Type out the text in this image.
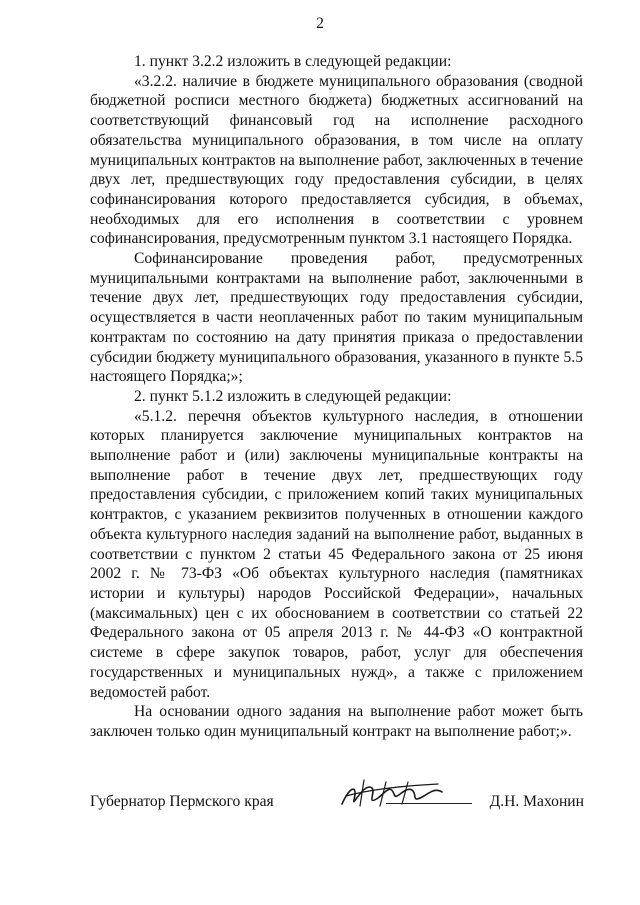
2

1. пункт 3.2.2 изложить в следующей редакции:

«3.2.2. наличие в бюджете муниципального образования (сводной бюджетной росписи местного бюджета) бюджетных ассигнований на соответствующий финансовый год на исполнение расходного обязательства муниципального образования, в том числе на оплату муниципальных контрактов на выполнение работ, заключенных в течение двух лет, предшествующих году предоставления субсидии, в целях софинансирования которого предоставляется субсидия, в объемах, необходимых для его исполнения в соответствии с уровнем софинансирования, предусмотренным пунктом 3.1 настоящего Порядка.

Софинансирование проведения работ, предусмотренных муниципальными контрактами на выполнение работ, заключенными в течение двух лет, предшествующих году предоставления субсидии, осуществляется в части неоплаченных работ по таким муниципальным контрактам по состоянию на дату принятия приказа о предоставлении субсидии бюджету муниципального образования, указанного в пункте 5.5 настоящего Порядка;»;

2. пункт 5.1.2 изложить в следующей редакции:

«5.1.2. перечня объектов культурного наследия, в отношении которых планируется заключение муниципальных контрактов на выполнение работ и (или) заключены муниципальные контракты на выполнение работ в течение двух лет, предшествующих году предоставления субсидии, с приложением копий таких муниципальных контрактов, с указанием реквизитов полученных в отношении каждого объекта культурного наследия заданий на выполнение работ, выданных в соответствии с пунктом 2 статьи 45 Федерального закона от 25 июня 2002 г. № 73-ФЗ «Об объектах культурного наследия (памятниках истории и культуры) народов Российской Федерации», начальных (максимальных) цен с их обоснованием в соответствии со статьей 22 Федерального закона от 05 апреля 2013 г. № 44-ФЗ «О контрактной системе в сфере закупок товаров, работ, услуг для обеспечения государственных и муниципальных нужд», а также с приложением ведомостей работ.

На основании одного задания на выполнение работ может быть заключен только один муниципальный контракт на выполнение работ;».

Губернатор Пермского края	Д.Н. Махонин
